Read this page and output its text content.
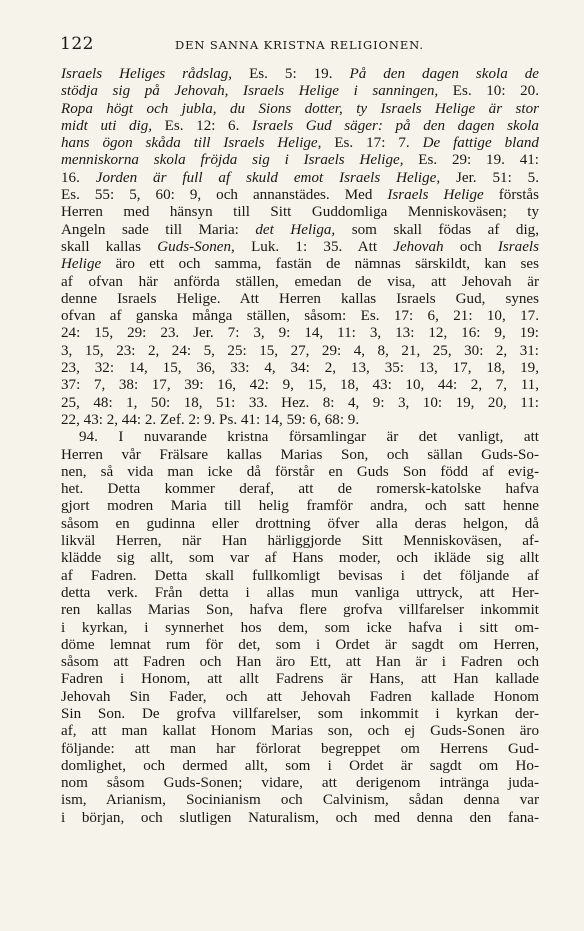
122	DEN SANNA KRISTNA RELIGIONEN.
Israels Heliges rådslag, Es. 5: 19. På den dagen skola de
stödja sig på Jehovah, Israels Helige i sanningen, Es. 10: 20.
Ropa högt och jubla, du Sions dotter, ty Israels Helige är stor
midt uti dig, Es. 12: 6. Israels Gud säger: på den dagen skola
hans ögon skåda till Israels Helige, Es. 17: 7. De fattige bland
menniskorna skola fröjda sig i Israels Helige, Es. 29: 19. 41:
16. Jorden är full af skuld emot Israels Helige, Jer. 51: 5.
Es. 55: 5, 60: 9, och annanstädes. Med Israels Helige förstås
Herren med hänsyn till Sitt Guddomliga Menniskoväsen; ty
Angeln sade till Maria: det Heliga, som skall födas af dig,
skall kallas Guds-Sonen, Luk. 1: 35. Att Jehovah och Israels
Helige äro ett och samma, fastän de nämnas särskildt, kan ses
af ofvan här anförda ställen, emedan de visa, att Jehovah är
denne Israels Helige. Att Herren kallas Israels Gud, synes
ofvan af ganska många ställen, såsom: Es. 17: 6, 21: 10, 17.
24: 15, 29: 23. Jer. 7: 3, 9: 14, 11: 3, 13: 12, 16: 9, 19:
3, 15, 23: 2, 24: 5, 25: 15, 27, 29: 4, 8, 21, 25, 30: 2, 31:
23, 32: 14, 15, 36, 33: 4, 34: 2, 13, 35: 13, 17, 18, 19,
37: 7, 38: 17, 39: 16, 42: 9, 15, 18, 43: 10, 44: 2, 7, 11,
25, 48: 1, 50: 18, 51: 33. Hez. 8: 4, 9: 3, 10: 19, 20, 11:
22, 43: 2, 44: 2. Zef. 2: 9. Ps. 41: 14, 59: 6, 68: 9.
94. I nuvarande kristna församlingar är det vanligt, att
Herren vår Frälsare kallas Marias Son, och sällan Guds-So-
nen, så vida man icke då förstår en Guds Son född af evig-
het. Detta kommer deraf, att de romersk-katolske hafva
gjort modren Maria till helig framför andra, och satt henne
såsom en gudinna eller drottning öfver alla deras helgon, då
likväl Herren, när Han härliggjorde Sitt Menniskoväsen, af-
klädde sig allt, som var af Hans moder, och ikläde sig allt
af Fadren. Detta skall fullkomligt bevisas i det följande af
detta verk. Från detta i allas mun vanliga uttryck, att Her-
ren kallas Marias Son, hafva flere grofva villfarelser inkommit
i kyrkan, i synnerhet hos dem, som icke hafva i sitt om-
döme lemnat rum för det, som i Ordet är sagdt om Herren,
såsom att Fadren och Han äro Ett, att Han är i Fadren och
Fadren i Honom, att allt Fadrens är Hans, att Han kallade
Jehovah Sin Fader, och att Jehovah Fadren kallade Honom
Sin Son. De grofva villfarelser, som inkommit i kyrkan der-
af, att man kallat Honom Marias son, och ej Guds-Sonen äro
följande: att man har förlorat begreppet om Herrens Gud-
domlighet, och dermed allt, som i Ordet är sagdt om Ho-
nom såsom Guds-Sonen; vidare, att derigenom inträngа juda-
ism, Arianism, Socinianism och Calvinism, sådan denna var
i början, och slutligen Naturalism, och med denna den fana-
